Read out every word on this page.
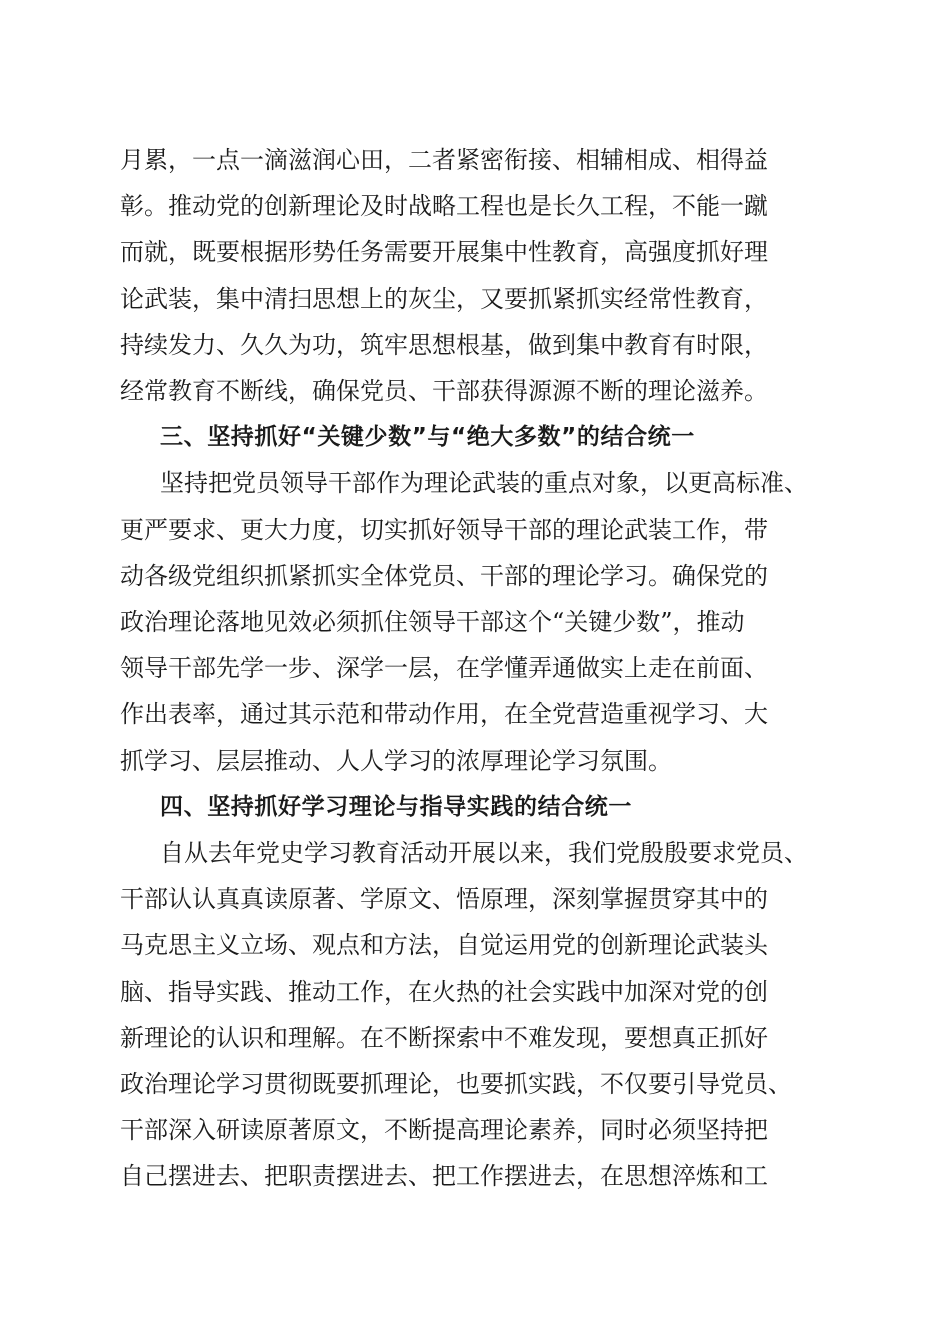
月累，一点一滴滋润心田，二者紧密衔接、相辅相成、相得益
彰。推动党的创新理论及时战略工程也是长久工程，不能一蹴
而就，既要根据形势任务需要开展集中性教育，高强度抓好理
论武装，集中清扫思想上的灰尘，又要抓紧抓实经常性教育，
持续发力、久久为功，筑牢思想根基，做到集中教育有时限，
经常教育不断线，确保党员、干部获得源源不断的理论滋养。
三、坚持抓好“关键少数”与“绝大多数”的结合统一
坚持把党员领导干部作为理论武装的重点对象，以更高标准、
更严要求、更大力度，切实抓好领导干部的理论武装工作，带
动各级党组织抓紧抓实全体党员、干部的理论学习。确保党的
政治理论落地见效必须抓住领导干部这个“关键少数”，推动
领导干部先学一步、深学一层，在学懂弄通做实上走在前面、
作出表率，通过其示范和带动作用，在全党营造重视学习、大
抓学习、层层推动、人人学习的浓厚理论学习氛围。
四、坚持抓好学习理论与指导实践的结合统一
自从去年党史学习教育活动开展以来，我们党殷殷要求党员、
干部认认真真读原著、学原文、悟原理，深刻掌握贯穿其中的
马克思主义立场、观点和方法，自觉运用党的创新理论武装头
脑、指导实践、推动工作，在火热的社会实践中加深对党的创
新理论的认识和理解。在不断探索中不难发现，要想真正抓好
政治理论学习贯彻既要抓理论，也要抓实践，不仅要引导党员、
干部深入研读原著原文，不断提高理论素养，同时必须坚持把
自己摆进去、把职责摆进去、把工作摆进去，在思想淬炼和工
